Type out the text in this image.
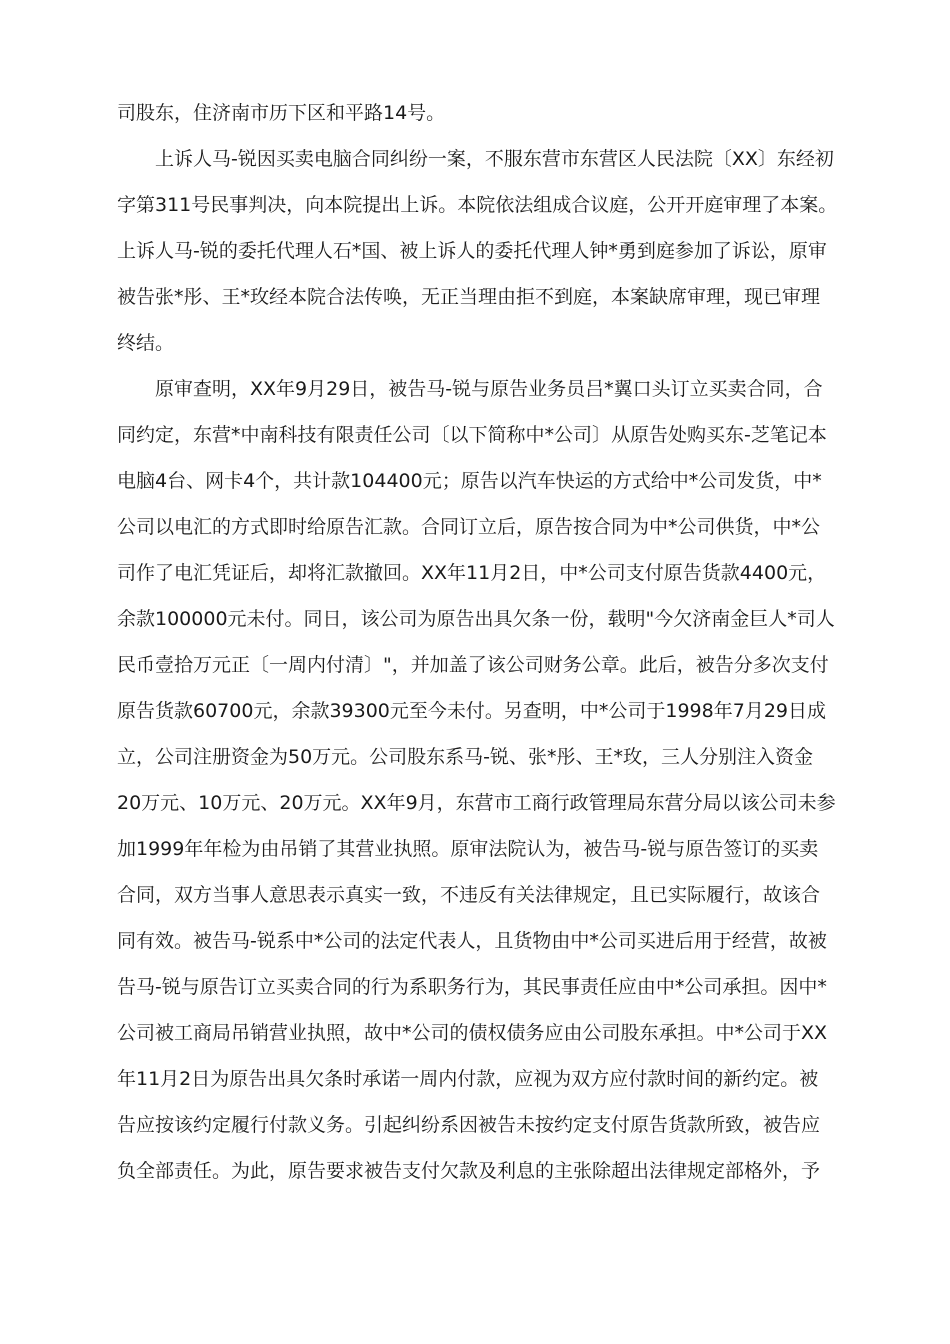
司股东，住济南市历下区和平路14号。
上诉人马-锐因买卖电脑合同纠纷一案，不服东营市东营区人民法院〔XX〕东经初
字第311号民事判决，向本院提出上诉。本院依法组成合议庭，公开开庭审理了本案。
上诉人马-锐的委托代理人石*国、被上诉人的委托代理人钟*勇到庭参加了诉讼，原审
被告张*彤、王*玫经本院合法传唤，无正当理由拒不到庭，本案缺席审理，现已审理
终结。
原审查明，XX年9月29日，被告马-锐与原告业务员吕*翼口头订立买卖合同，合
同约定，东营*中南科技有限责任公司〔以下简称中*公司〕从原告处购买东-芝笔记本
电脑4台、网卡4个，共计款104400元；原告以汽车快运的方式给中*公司发货，中*
公司以电汇的方式即时给原告汇款。合同订立后，原告按合同为中*公司供货，中*公
司作了电汇凭证后，却将汇款撤回。XX年11月2日，中*公司支付原告货款4400元，
余款100000元未付。同日，该公司为原告出具欠条一份，载明"今欠济南金巨人*司人
民币壹拾万元正〔一周内付清〕"，并加盖了该公司财务公章。此后，被告分多次支付
原告货款60700元，余款39300元至今未付。另查明，中*公司于1998年7月29日成
立，公司注册资金为50万元。公司股东系马-锐、张*彤、王*玫，三人分别注入资金
20万元、10万元、20万元。XX年9月，东营市工商行政管理局东营分局以该公司未参
加1999年年检为由吊销了其营业执照。原审法院认为，被告马-锐与原告签订的买卖
合同，双方当事人意思表示真实一致，不违反有关法律规定，且已实际履行，故该合
同有效。被告马-锐系中*公司的法定代表人，且货物由中*公司买进后用于经营，故被
告马-锐与原告订立买卖合同的行为系职务行为，其民事责任应由中*公司承担。因中*
公司被工商局吊销营业执照，故中*公司的债权债务应由公司股东承担。中*公司于XX
年11月2日为原告出具欠条时承诺一周内付款，应视为双方应付款时间的新约定。被
告应按该约定履行付款义务。引起纠纷系因被告未按约定支付原告货款所致，被告应
负全部责任。为此，原告要求被告支付欠款及利息的主张除超出法律规定部格外，予
